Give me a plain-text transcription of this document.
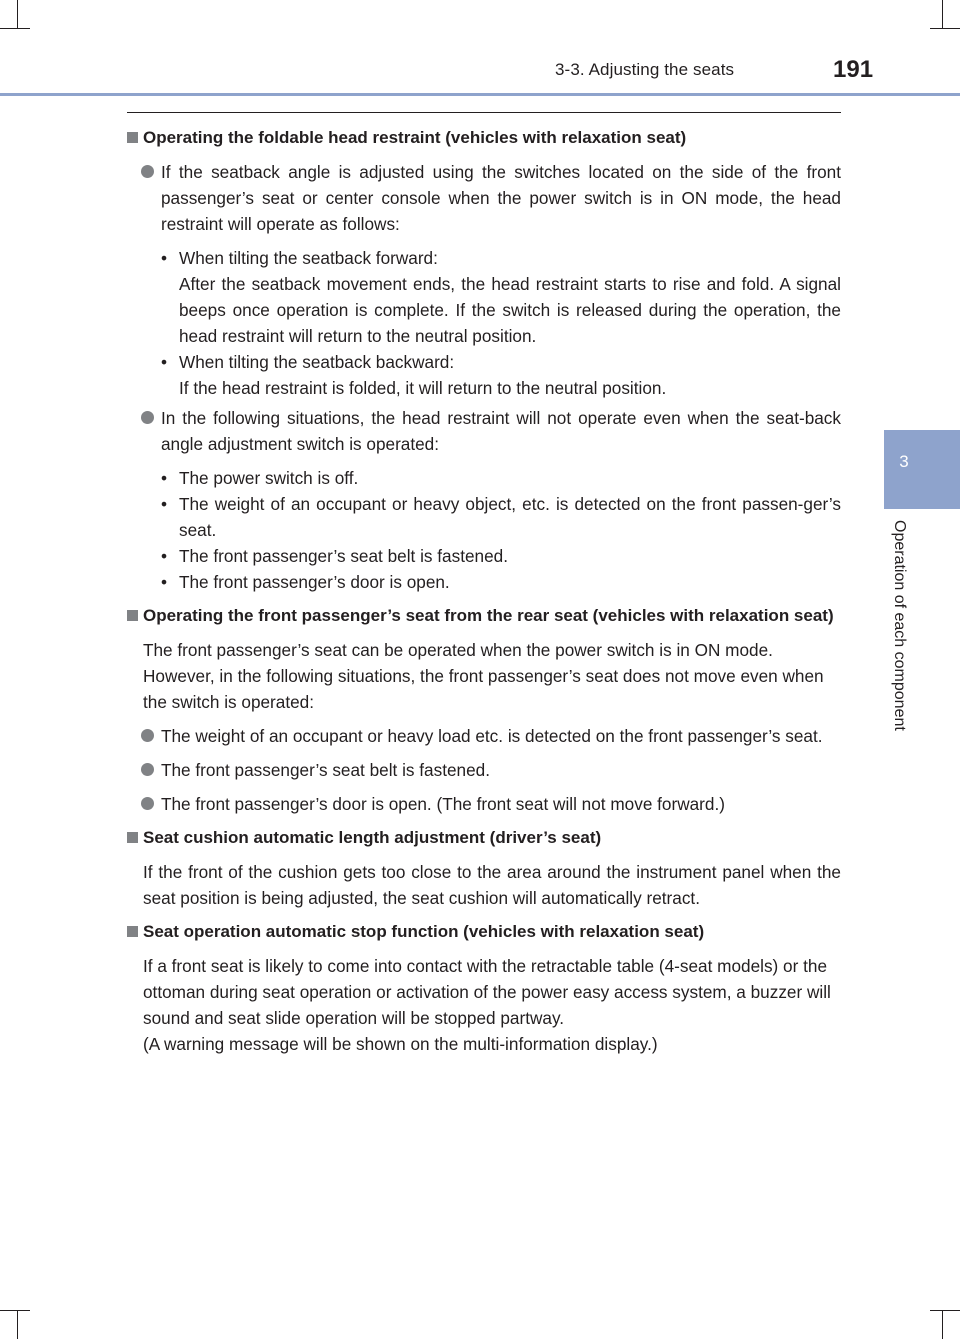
3-3. Adjusting the seats	191
3
Operation of each component

Operating the foldable head restraint (vehicles with relaxation seat)

If the seatback angle is adjusted using the switches located on the side of the front passenger’s seat or center console when the power switch is in ON mode, the head restraint will operate as follows:

• When tilting the seatback forward:

After the seatback movement ends, the head restraint starts to rise and fold. A signal beeps once operation is complete. If the switch is released during the operation, the head restraint will return to the neutral position.

• When tilting the seatback backward:

If the head restraint is folded, it will return to the neutral position.

In the following situations, the head restraint will not operate even when the seat-back angle adjustment switch is operated:

• The power switch is off.

• The weight of an occupant or heavy object, etc. is detected on the front passen-ger’s seat.

• The front passenger’s seat belt is fastened.

• The front passenger’s door is open.

Operating the front passenger’s seat from the rear seat (vehicles with relaxation seat)

The front passenger’s seat can be operated when the power switch is in ON mode. However, in the following situations, the front passenger’s seat does not move even when the switch is operated:

The weight of an occupant or heavy load etc. is detected on the front passenger’s seat.

The front passenger’s seat belt is fastened.

The front passenger’s door is open. (The front seat will not move forward.)

Seat cushion automatic length adjustment (driver’s seat)

If the front of the cushion gets too close to the area around the instrument panel when the seat position is being adjusted, the seat cushion will automatically retract.

Seat operation automatic stop function (vehicles with relaxation seat)

If a front seat is likely to come into contact with the retractable table (4-seat models) or the ottoman during seat operation or activation of the power easy access system, a buzzer will sound and seat slide operation will be stopped partway.

(A warning message will be shown on the multi-information display.)
